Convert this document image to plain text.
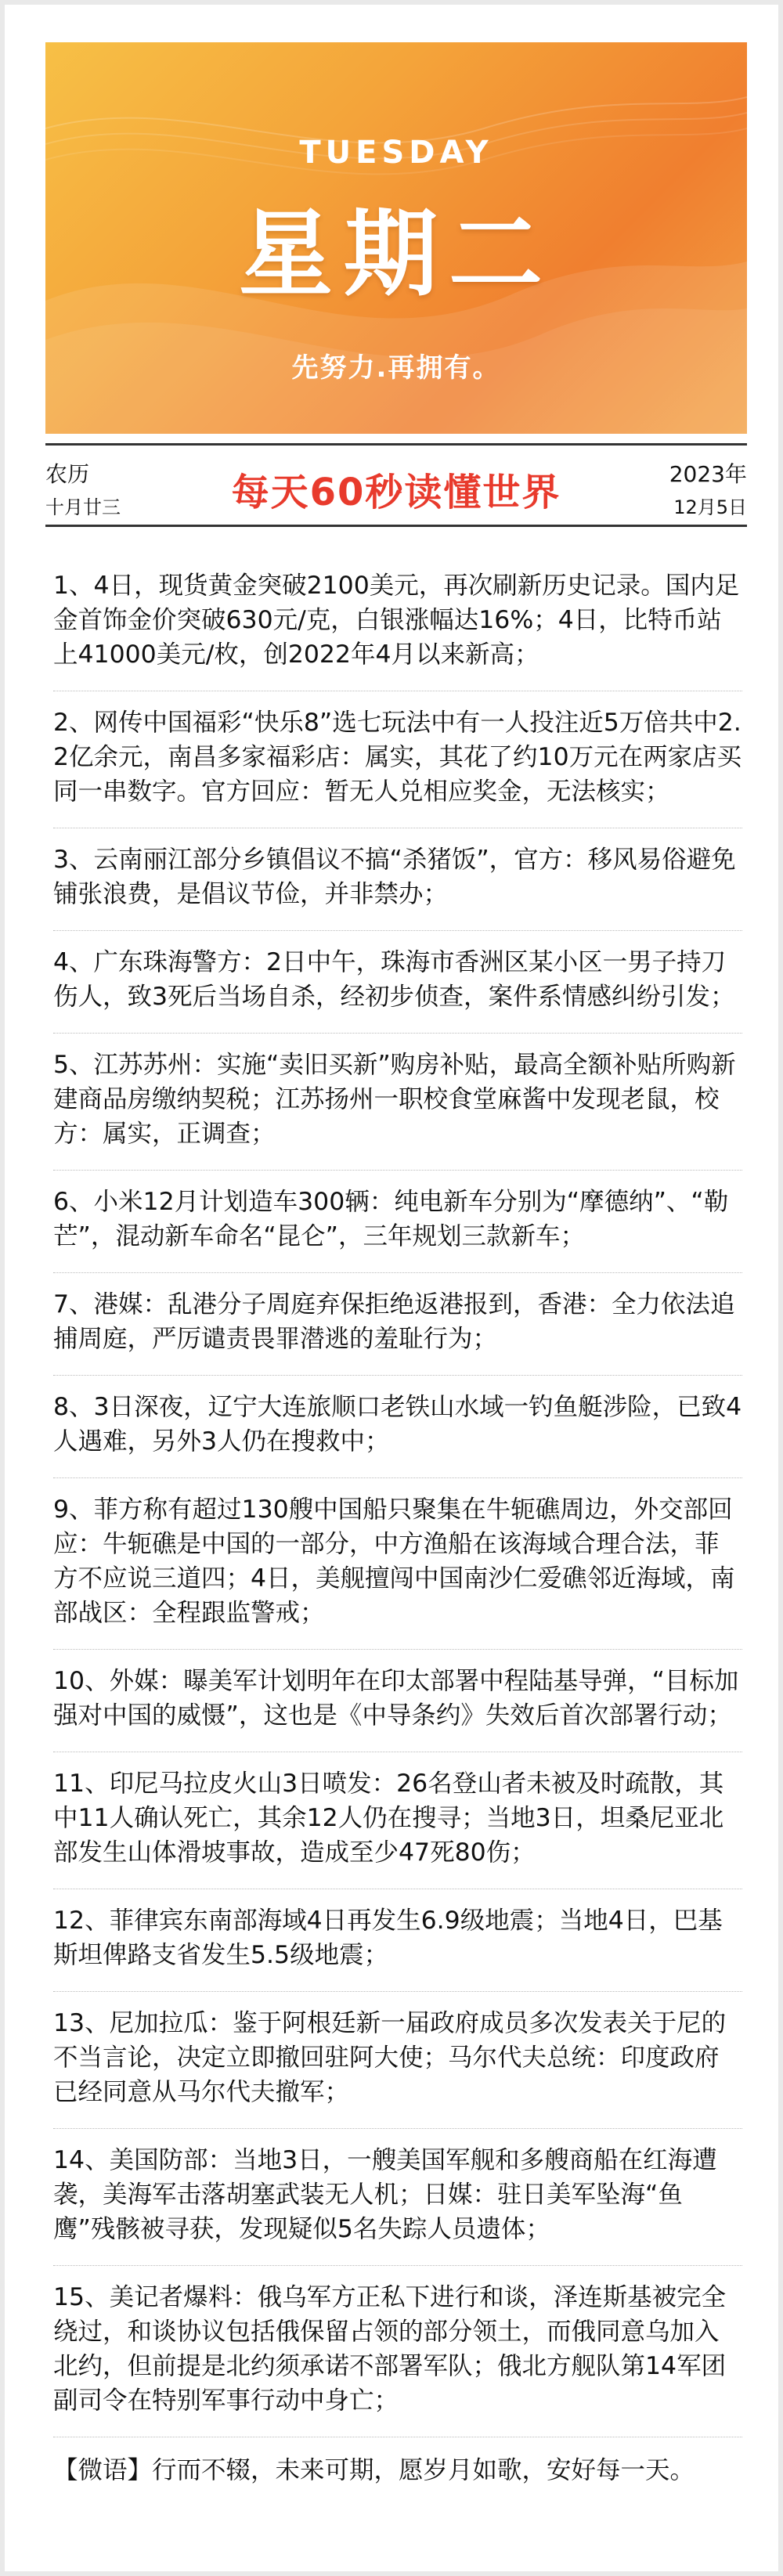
TUESDAY
星期二
先努力.再拥有。
农历
十月廿三	每天60秒读懂世界	2023年
12月5日
1、4日，现货黄金突破2100美元，再次刷新历史记录。国内足金首饰金价突破630元/克，白银涨幅达16%；4日，比特币站上41000美元/枚，创2022年4月以来新高；
2、网传中国福彩“快乐8”选七玩法中有一人投注近5万倍共中2.2亿余元，南昌多家福彩店：属实，其花了约10万元在两家店买同一串数字。官方回应：暂无人兑相应奖金，无法核实；
3、云南丽江部分乡镇倡议不搞“杀猪饭”，官方：移风易俗避免铺张浪费，是倡议节俭，并非禁办；
4、广东珠海警方：2日中午，珠海市香洲区某小区一男子持刀伤人，致3死后当场自杀，经初步侦查，案件系情感纠纷引发；
5、江苏苏州：实施“卖旧买新”购房补贴，最高全额补贴所购新建商品房缴纳契税；江苏扬州一职校食堂麻酱中发现老鼠，校方：属实，正调查；
6、小米12月计划造车300辆：纯电新车分别为“摩德纳”、“勒芒”，混动新车命名“昆仑”，三年规划三款新车；
7、港媒：乱港分子周庭弃保拒绝返港报到，香港：全力依法追捕周庭，严厉谴责畏罪潜逃的羞耻行为；
8、3日深夜，辽宁大连旅顺口老铁山水域一钓鱼艇涉险，已致4人遇难，另外3人仍在搜救中；
9、菲方称有超过130艘中国船只聚集在牛轭礁周边，外交部回应：牛轭礁是中国的一部分，中方渔船在该海域合理合法，菲方不应说三道四；4日，美舰擅闯中国南沙仁爱礁邻近海域，南部战区：全程跟监警戒；
10、外媒：曝美军计划明年在印太部署中程陆基导弹，“目标加强对中国的威慑”，这也是《中导条约》失效后首次部署行动；
11、印尼马拉皮火山3日喷发：26名登山者未被及时疏散，其中11人确认死亡，其余12人仍在搜寻；当地3日，坦桑尼亚北部发生山体滑坡事故，造成至少47死80伤；
12、菲律宾东南部海域4日再发生6.9级地震；当地4日，巴基斯坦俾路支省发生5.5级地震；
13、尼加拉瓜：鉴于阿根廷新一届政府成员多次发表关于尼的不当言论，决定立即撤回驻阿大使；马尔代夫总统：印度政府已经同意从马尔代夫撤军；
14、美国防部：当地3日，一艘美国军舰和多艘商船在红海遭袭，美海军击落胡塞武装无人机；日媒：驻日美军坠海“鱼鹰”残骸被寻获，发现疑似5名失踪人员遗体；
15、美记者爆料：俄乌军方正私下进行和谈，泽连斯基被完全绕过，和谈协议包括俄保留占领的部分领土，而俄同意乌加入北约，但前提是北约须承诺不部署军队；俄北方舰队第14军团副司令在特别军事行动中身亡；
【微语】行而不辍，未来可期，愿岁月如歌，安好每一天。
